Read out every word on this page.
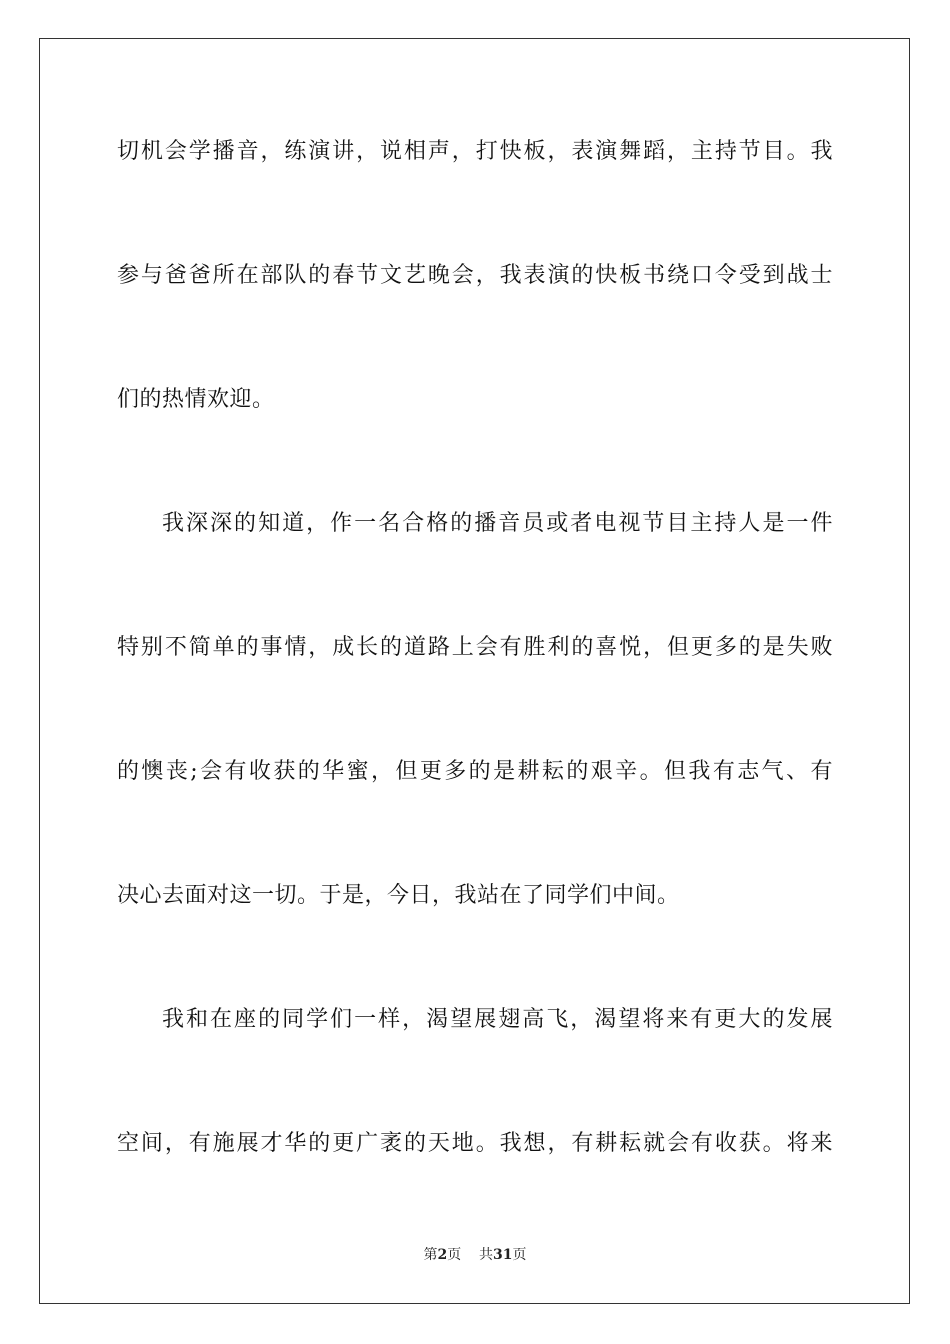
切机会学播音，练演讲，说相声，打快板，表演舞蹈，主持节目。我
参与爸爸所在部队的春节文艺晚会，我表演的快板书绕口令受到战士
们的热情欢迎。
我深深的知道，作一名合格的播音员或者电视节目主持人是一件
特别不简单的事情，成长的道路上会有胜利的喜悦，但更多的是失败
的懊丧;会有收获的华蜜，但更多的是耕耘的艰辛。但我有志气、有
决心去面对这一切。于是，今日，我站在了同学们中间。
我和在座的同学们一样，渴望展翅高飞，渴望将来有更大的发展
空间，有施展才华的更广袤的天地。我想，有耕耘就会有收获。将来
第2页 共31页
